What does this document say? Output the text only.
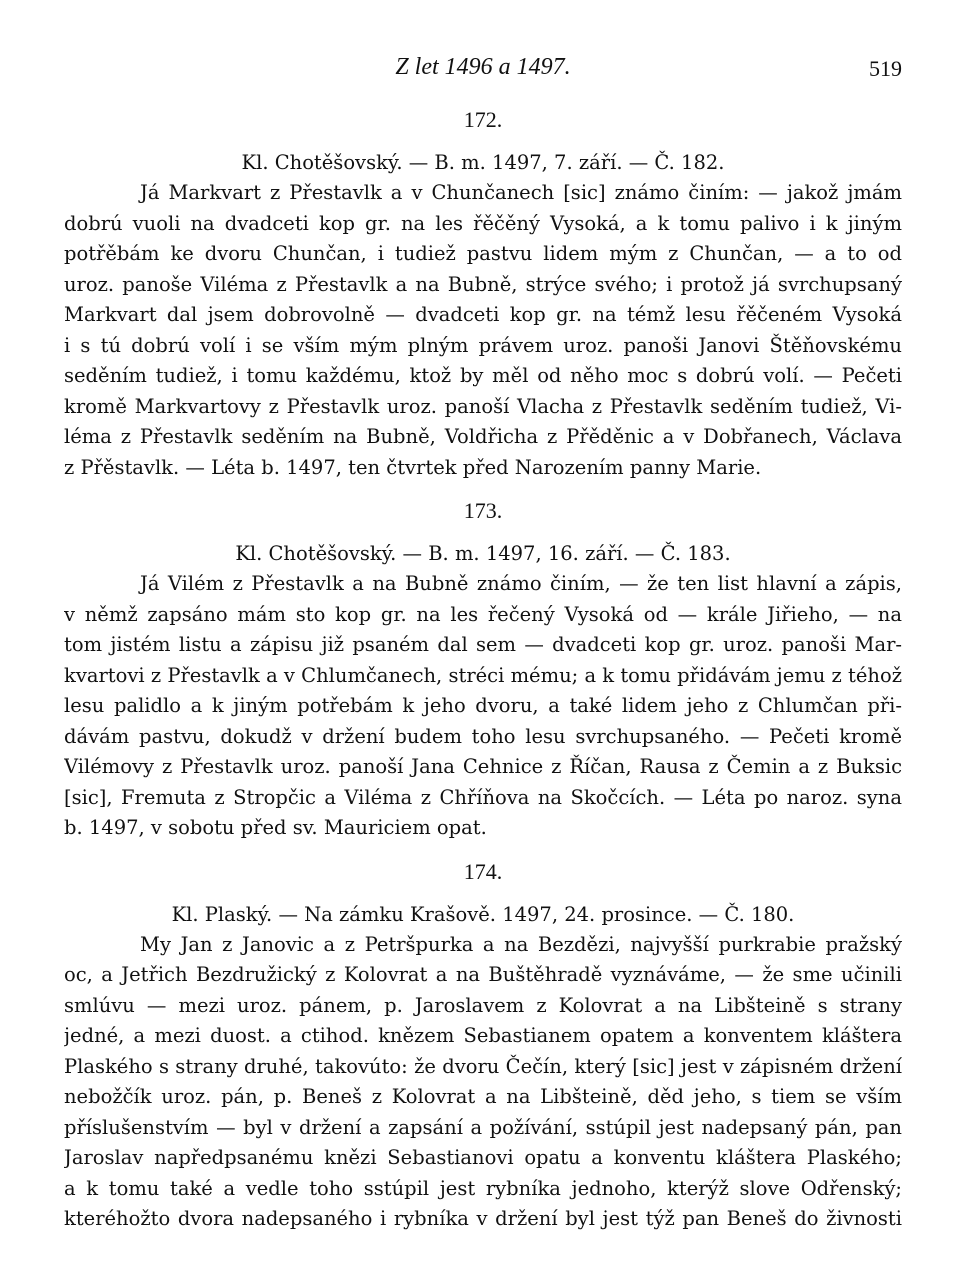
Z let 1496 a 1497.	519
172.
Kl. Chotěšovský. — B. m. 1497, 7. září. — Č. 182.
Já Markvart z Přestavlk a v Chunčanech [sic] známo činím: — jakož jmám
dobrú vuoli na dvadceti kop gr. na les řěčěný Vysoká, a k tomu palivo i k jiným
potřěbám ke dvoru Chunčan, i tudiež pastvu lidem mým z Chunčan, — a to od
uroz. panoše Viléma z Přestavlk a na Bubně, strýce svého; i protož já svrchupsaný
Markvart dal jsem dobrovolně — dvadceti kop gr. na témž lesu řěčeném Vysoká
i s tú dobrú volí i se vším mým plným právem uroz. panoši Janovi Štěňovskému
seděním tudiež, i tomu každému, ktož by měl od něho moc s dobrú volí. — Pečeti
kromě Markvartovy z Přestavlk uroz. panoší Vlacha z Přestavlk seděním tudiež, Vi-
léma z Přestavlk seděním na Bubně, Voldřicha z Přěděnic a v Dobřanech, Václava
z Přěstavlk. — Léta b. 1497, ten čtvrtek před Narozením panny Marie.
173.
Kl. Chotěšovský. — B. m. 1497, 16. září. — Č. 183.
Já Vilém z Přestavlk a na Bubně známo činím, — že ten list hlavní a zápis,
v němž zapsáno mám sto kop gr. na les řečený Vysoká od — krále Jiřieho, — na
tom jistém listu a zápisu již psaném dal sem — dvadceti kop gr. uroz. panoši Mar-
kvartovi z Přestavlk a v Chlumčanech, stréci mému; a k tomu přidávám jemu z téhož
lesu palidlo a k jiným potřebám k jeho dvoru, a také lidem jeho z Chlumčan při-
dávám pastvu, dokudž v držení budem toho lesu svrchupsaného. — Pečeti kromě
Vilémovy z Přestavlk uroz. panoší Jana Cehnice z Říčan, Rausa z Čemin a z Buksic
[sic], Fremuta z Stropčic a Viléma z Chříňova na Skočcích. — Léta po naroz. syna
b. 1497, v sobotu před sv. Mauriciem opat.
174.
Kl. Plaský. — Na zámku Krašově. 1497, 24. prosince. — Č. 180.
My Jan z Janovic a z Petršpurka a na Bezdězi, najvyšší purkrabie pražský
oc, a Jetřich Bezdružický z Kolovrat a na Buštěhradě vyznáváme, — že sme učinili
smlúvu — mezi uroz. pánem, p. Jaroslavem z Kolovrat a na Libšteině s strany
jedné, a mezi duost. a ctihod. knězem Sebastianem opatem a konventem kláštera
Plaského s strany druhé, takovúto: že dvoru Čečín, který [sic] jest v zápisném držení
nebožčík uroz. pán, p. Beneš z Kolovrat a na Libšteině, děd jeho, s tiem se vším
příslušenstvím — byl v držení a zapsání a požívání, sstúpil jest nadepsaný pán, pan
Jaroslav napředpsanému knězi Sebastianovi opatu a konventu kláštera Plaského;
a k tomu také a vedle toho sstúpil jest rybníka jednoho, kterýž slove Odřenský;
kteréhožto dvora nadepsaného i rybníka v držení byl jest týž pan Beneš do živnosti
